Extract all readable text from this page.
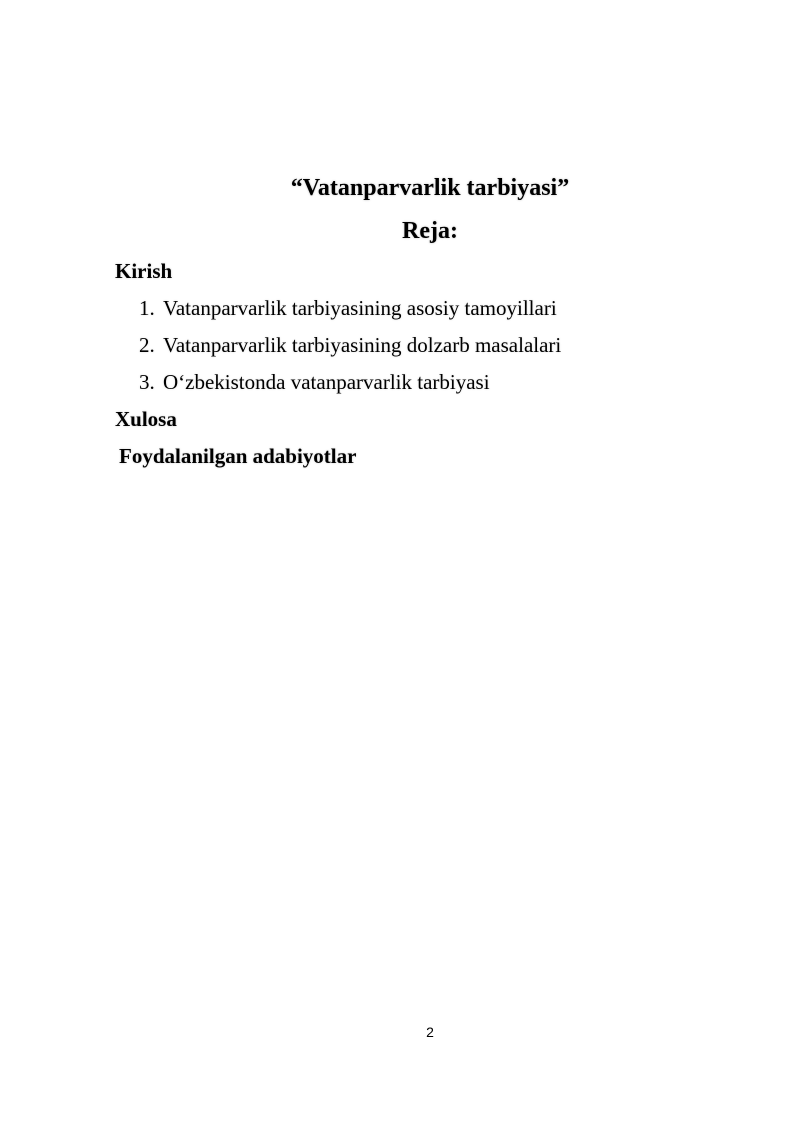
“Vatanparvarlik tarbiyasi”
Reja:
Kirish
1. Vatanparvarlik tarbiyasining asosiy tamoyillari
2. Vatanparvarlik tarbiyasining dolzarb masalalari
3. O‘zbekistonda vatanparvarlik tarbiyasi
Xulosa
Foydalanilgan adabiyotlar
2
